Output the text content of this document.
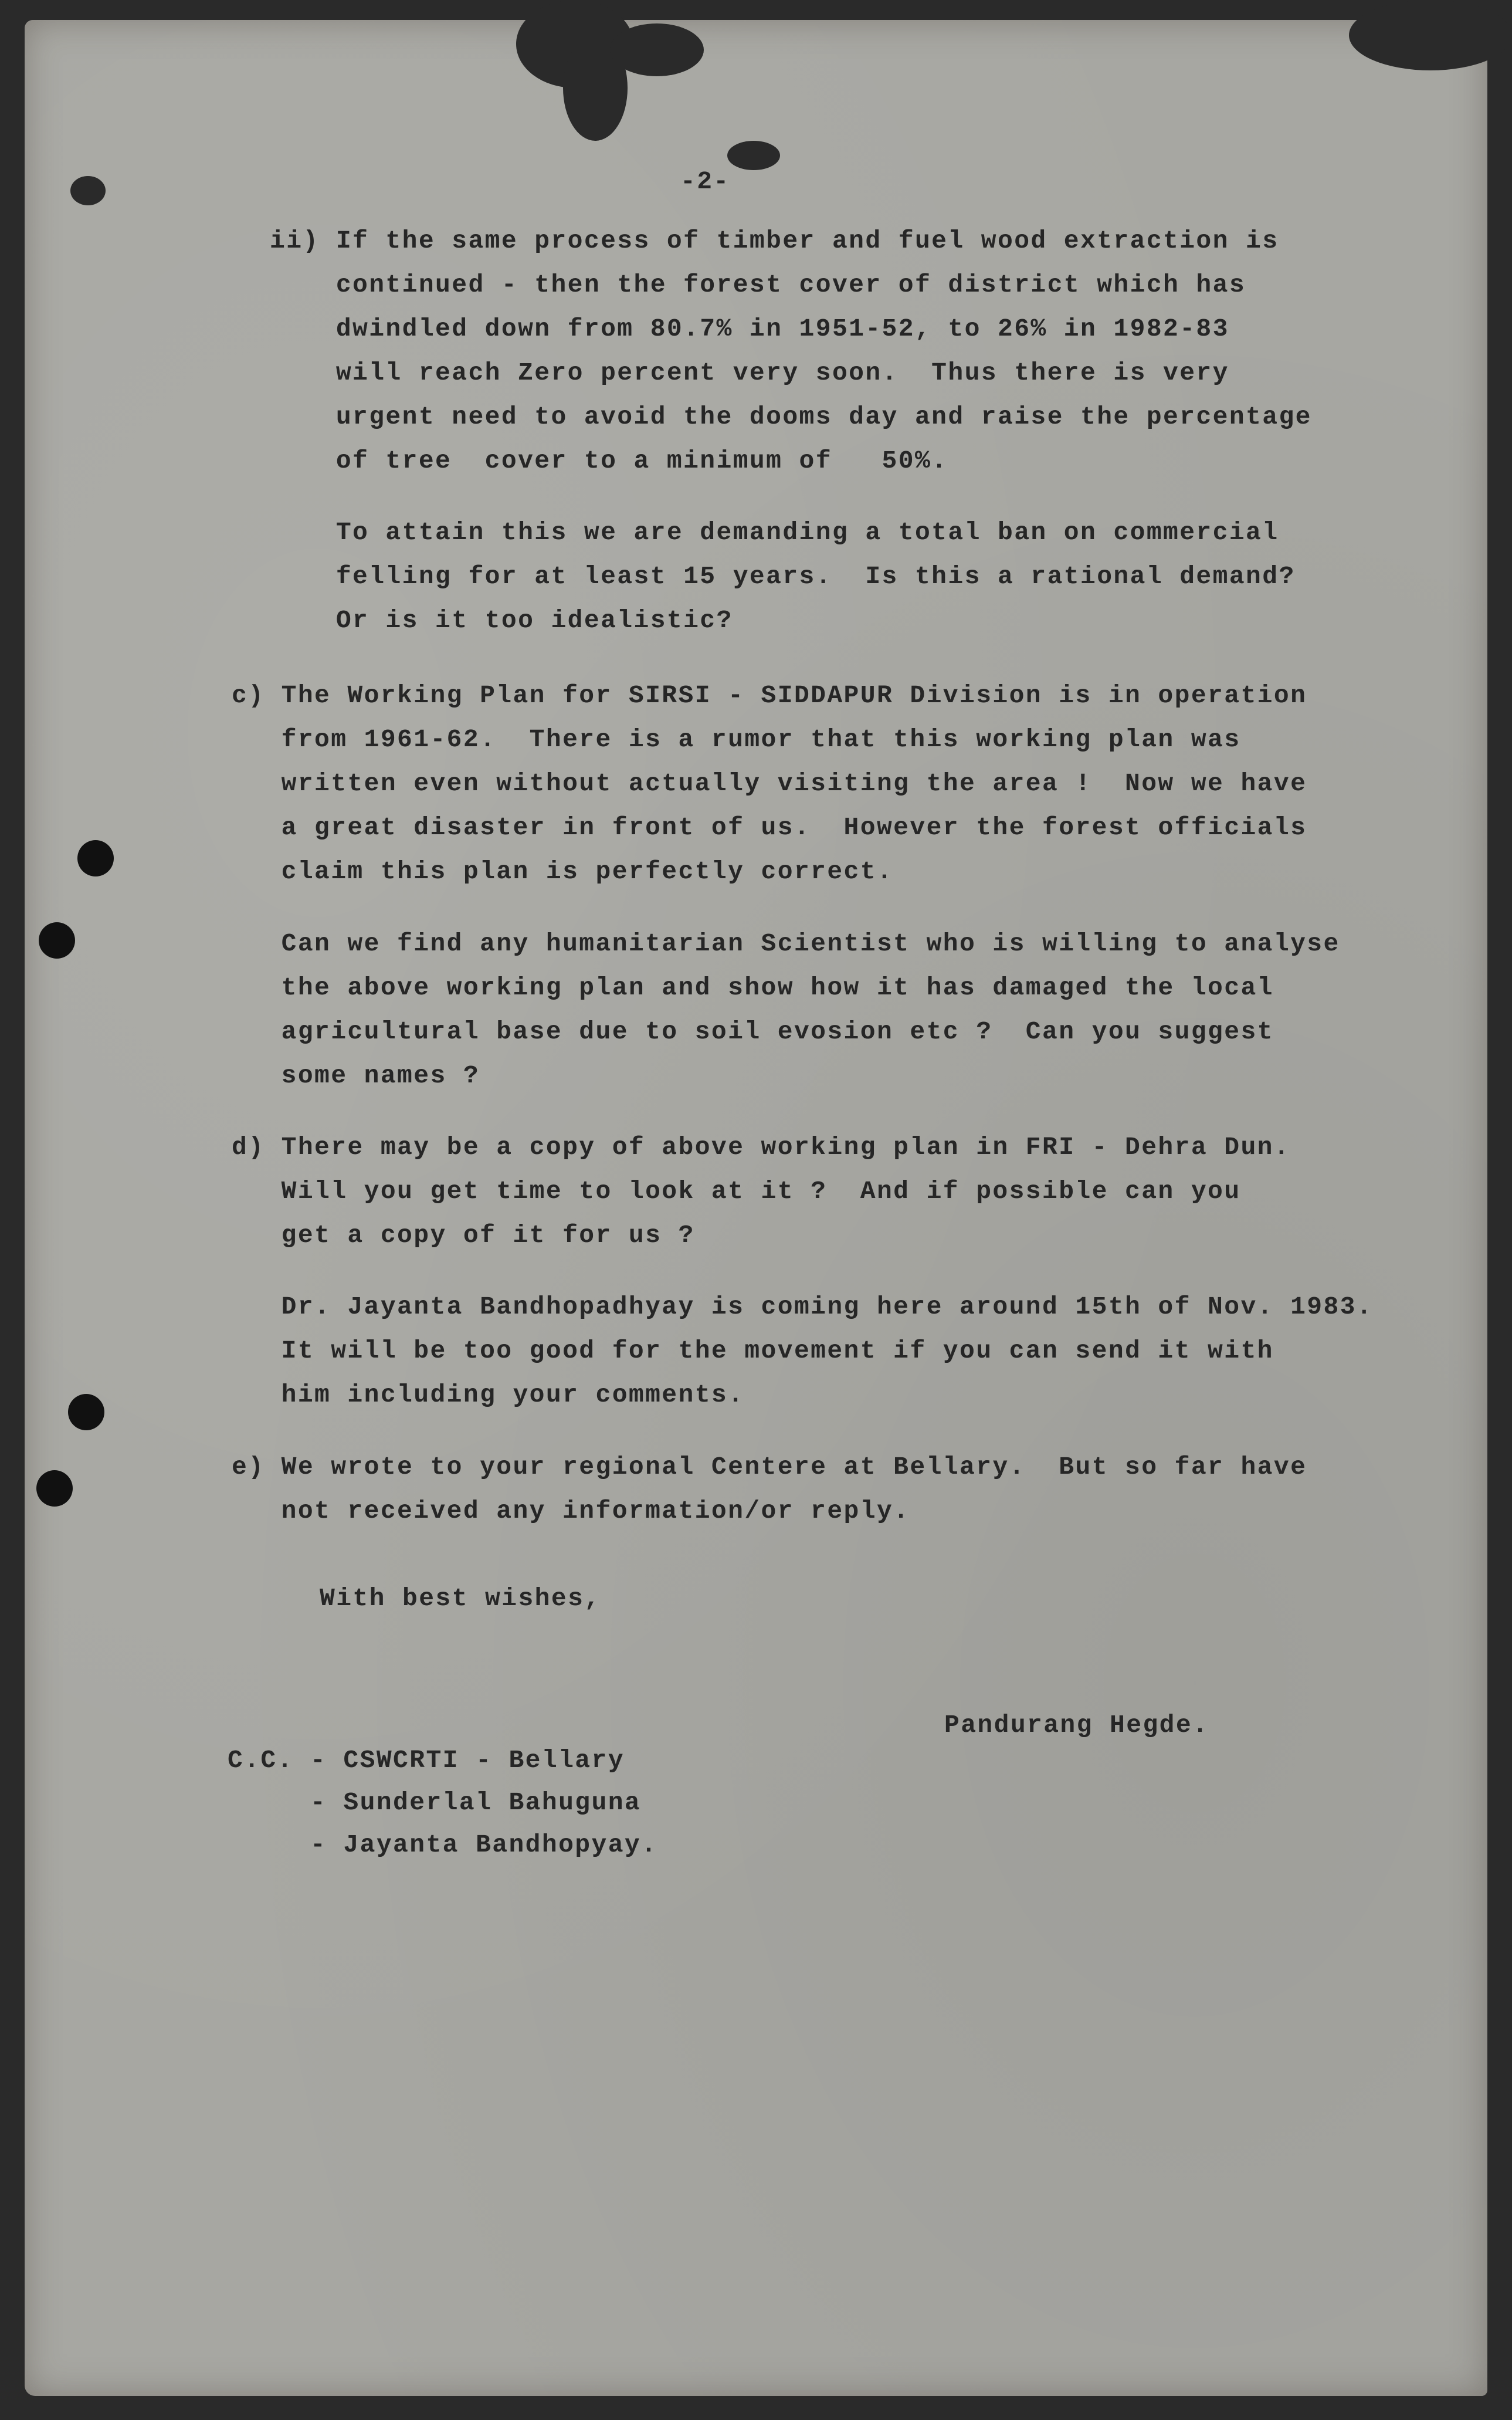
-2-

ii) If the same process of timber and fuel wood extraction is

continued - then the forest cover of district which has

dwindled down from 80.7% in 1951-52, to 26% in 1982-83

will reach Zero percent very soon.  Thus there is very

urgent need to avoid the dooms day and raise the percentage

of tree  cover to a minimum of   50%.

To attain this we are demanding a total ban on commercial

felling for at least 15 years.  Is this a rational demand?

Or is it too idealistic?

c) The Working Plan for SIRSI - SIDDAPUR Division is in operation

from 1961-62.  There is a rumor that this working plan was

written even without actually visiting the area !  Now we have

a great disaster in front of us.  However the forest officials

claim this plan is perfectly correct.

Can we find any humanitarian Scientist who is willing to analyse

the above working plan and show how it has damaged the local

agricultural base due to soil evosion etc ?  Can you suggest

some names ?

d) There may be a copy of above working plan in FRI - Dehra Dun.

Will you get time to look at it ?  And if possible can you

get a copy of it for us ?

Dr. Jayanta Bandhopadhyay is coming here around 15th of Nov. 1983.

It will be too good for the movement if you can send it with

him including your comments.

e) We wrote to your regional Centere at Bellary.  But so far have

not received any information/or reply.

With best wishes,

Pandurang Hegde.

C.C. - CSWCRTI - Bellary

- Sunderlal Bahuguna

- Jayanta Bandhopyay.
